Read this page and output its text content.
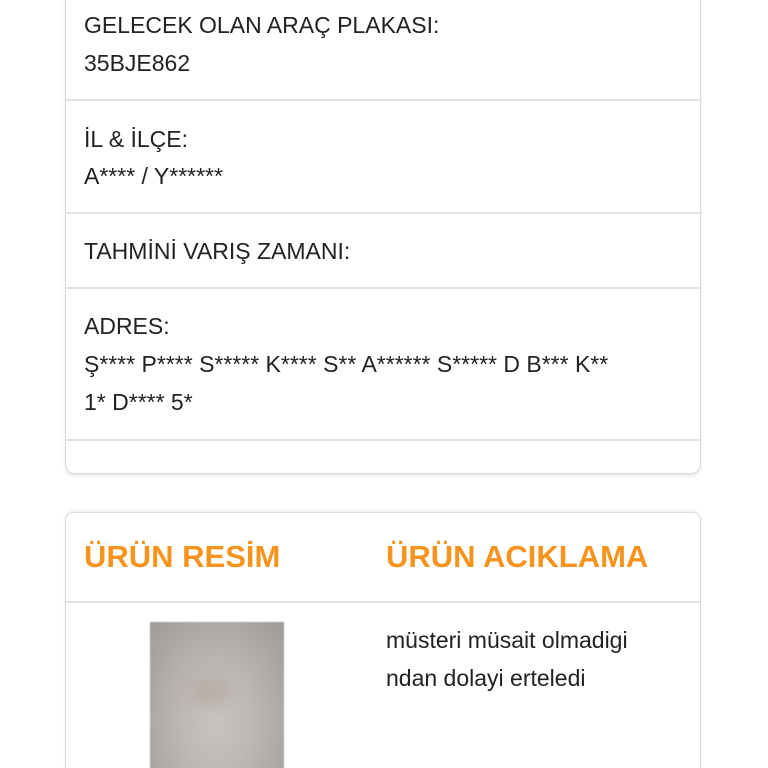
GELECEK OLAN ARAÇ PLAKASI:
35BJE862
İL & İLÇE:
A**** / Y******
TAHMİNİ VARIŞ ZAMANI:
ADRES:
Ş**** P**** S***** K**** S** A****** S***** D B*** K**
1* D**** 5*
ÜRÜN RESİM	ÜRÜN ACIKLAMA
müsteri müsait olmadigi
ndan dolayi erteledi
